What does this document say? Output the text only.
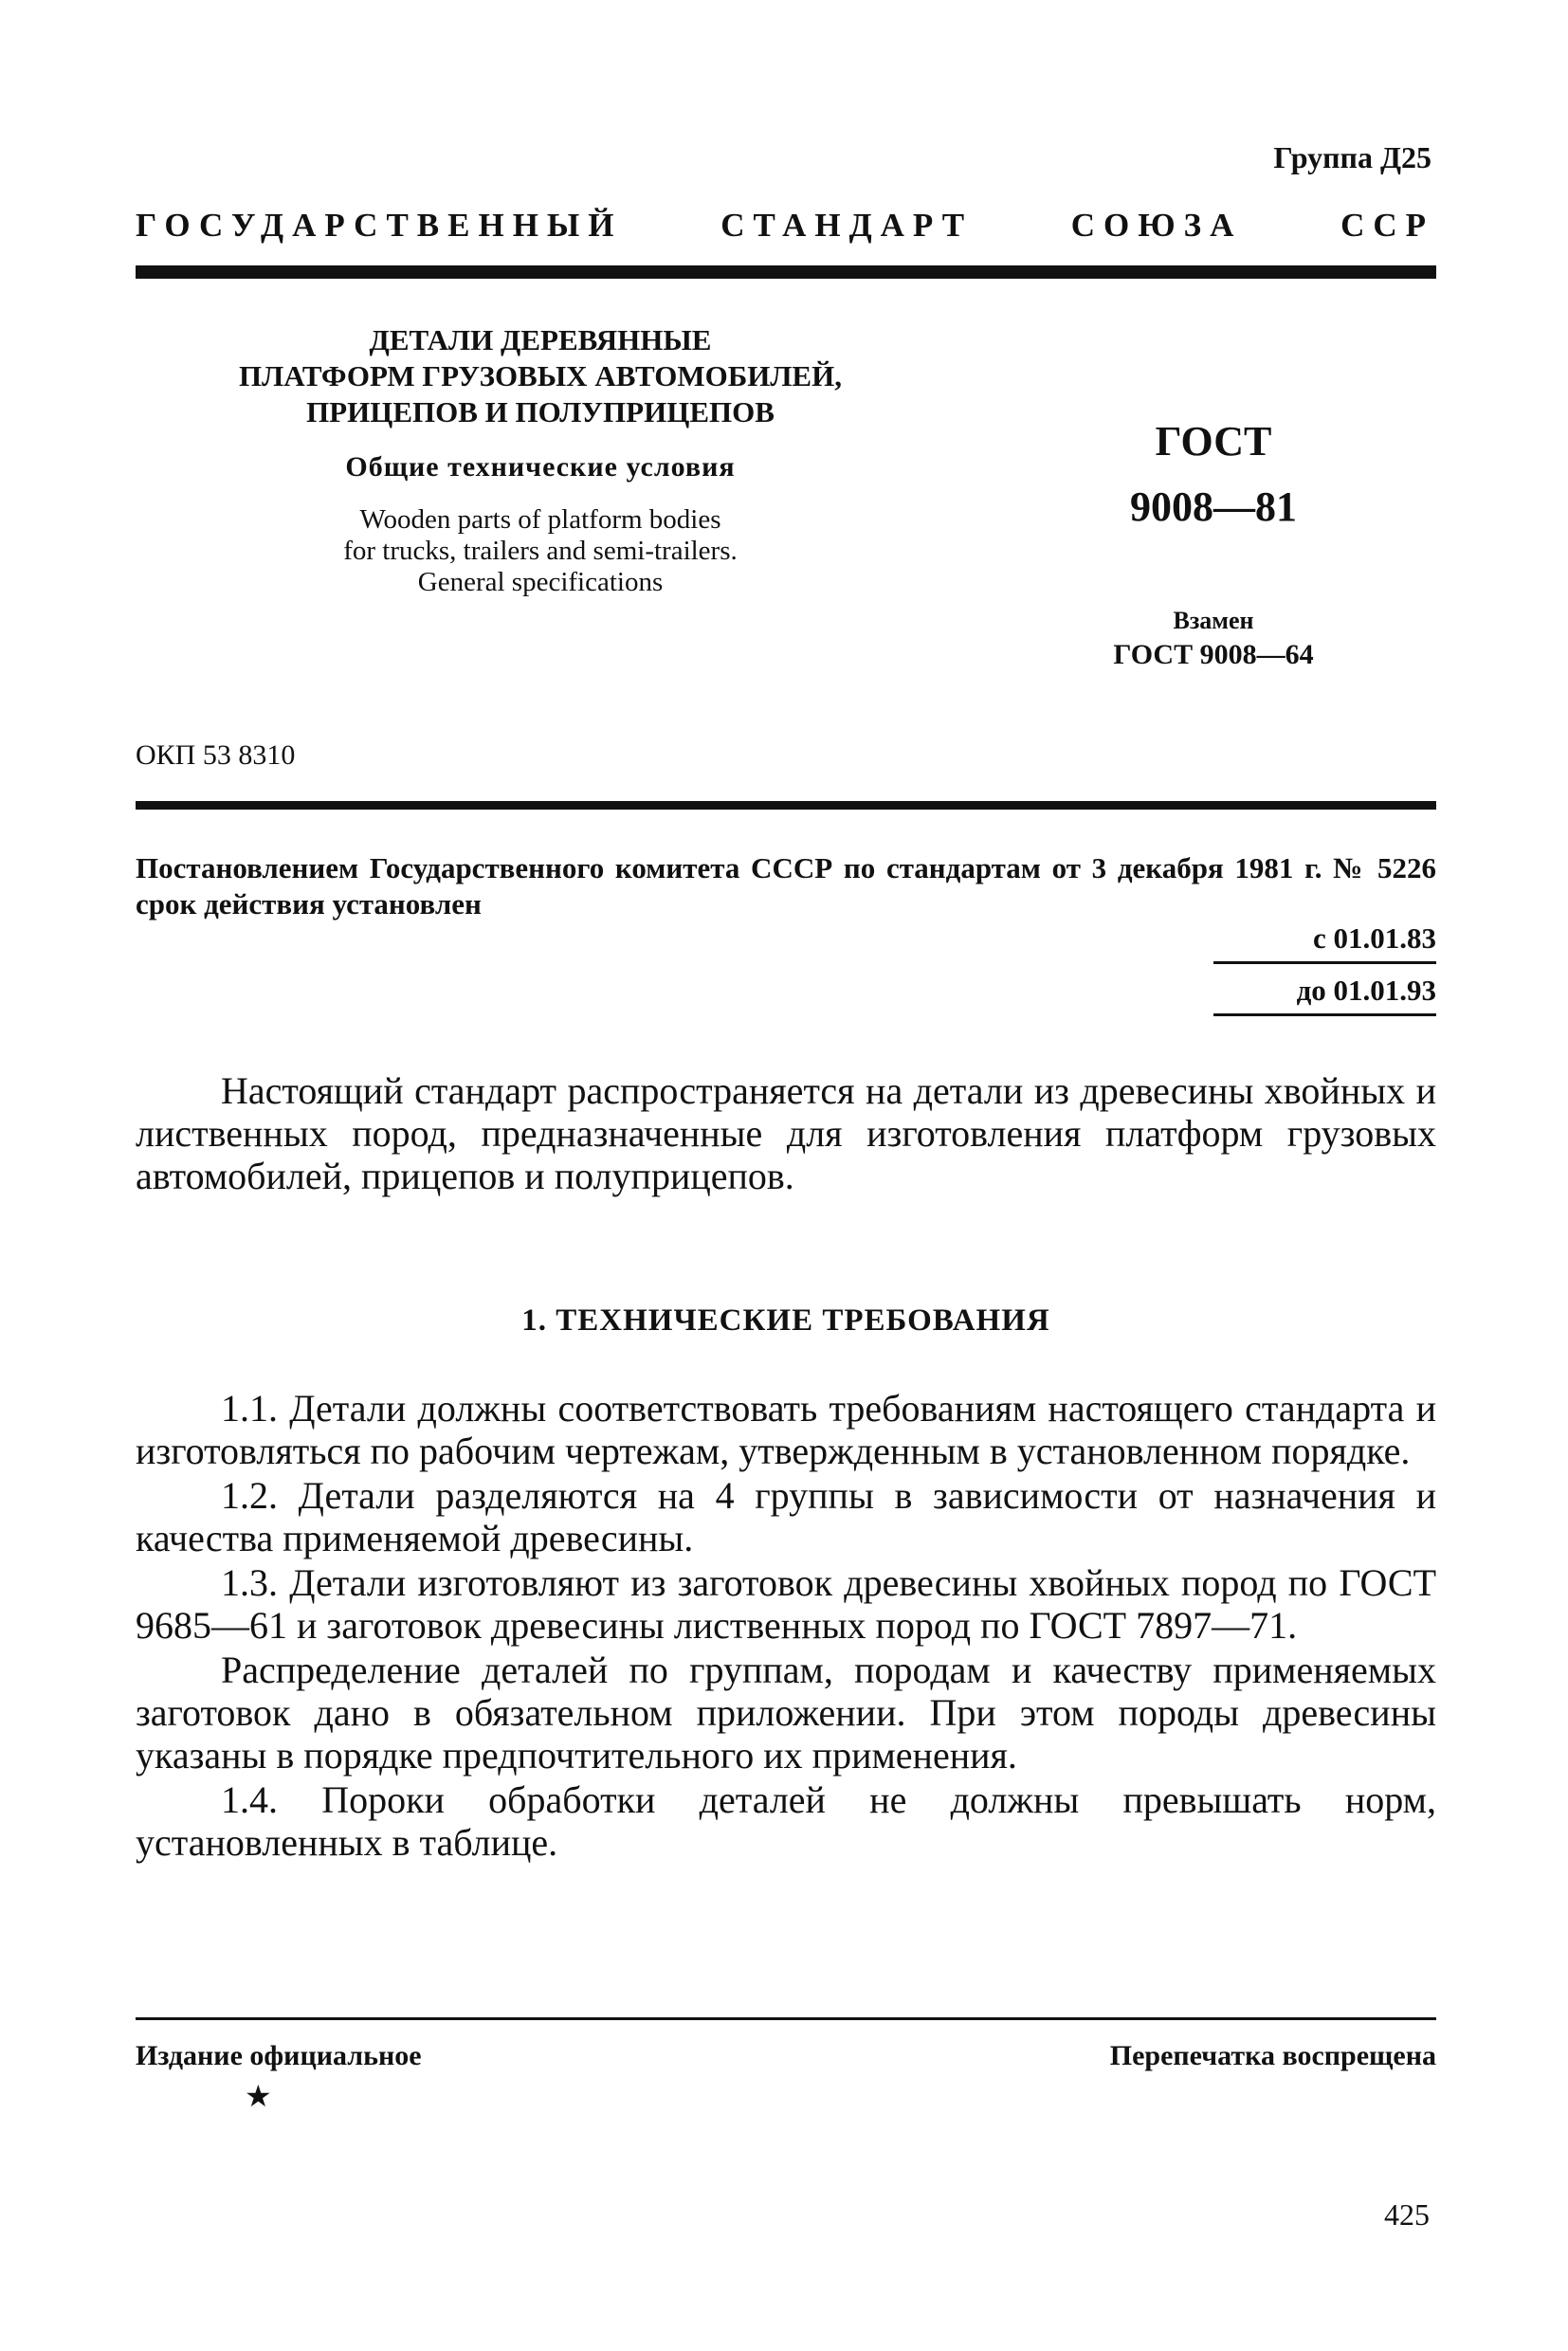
Группа Д25
ГОСУДАРСТВЕННЫЙ	СТАНДАРТ	СОЮЗА	ССР
ДЕТАЛИ ДЕРЕВЯННЫЕ
ПЛАТФОРМ ГРУЗОВЫХ АВТОМОБИЛЕЙ,
ПРИЦЕПОВ И ПОЛУПРИЦЕПОВ
Общие технические условия
Wooden parts of platform bodies
for trucks, trailers and semi-trailers.
General specifications
ГОСТ
9008—81
Взамен
ГОСТ 9008—64
ОКП 53 8310
Постановлением Государственного комитета СССР по стандартам от 3 декабря 1981 г. № 5226 срок действия установлен
с 01.01.83
до 01.01.93
Настоящий стандарт распространяется на детали из древесины хвойных и лиственных пород, предназначенные для изготовления платформ грузовых автомобилей, прицепов и полуприцепов.
1. ТЕХНИЧЕСКИЕ ТРЕБОВАНИЯ

1.1. Детали должны соответствовать требованиям настоящего стандарта и изготовляться по рабочим чертежам, утвержденным в установленном порядке.

1.2. Детали разделяются на 4 группы в зависимости от назначения и качества применяемой древесины.

1.3. Детали изготовляют из заготовок древесины хвойных пород по ГОСТ 9685—61 и заготовок древесины лиственных пород по ГОСТ 7897—71.

Распределение деталей по группам, породам и качеству применяемых заготовок дано в обязательном приложении. При этом породы древесины указаны в порядке предпочтительного их применения.

1.4. Пороки обработки деталей не должны превышать норм, установленных в таблице.

Издание официальное	Перепечатка воспрещена
★
425
